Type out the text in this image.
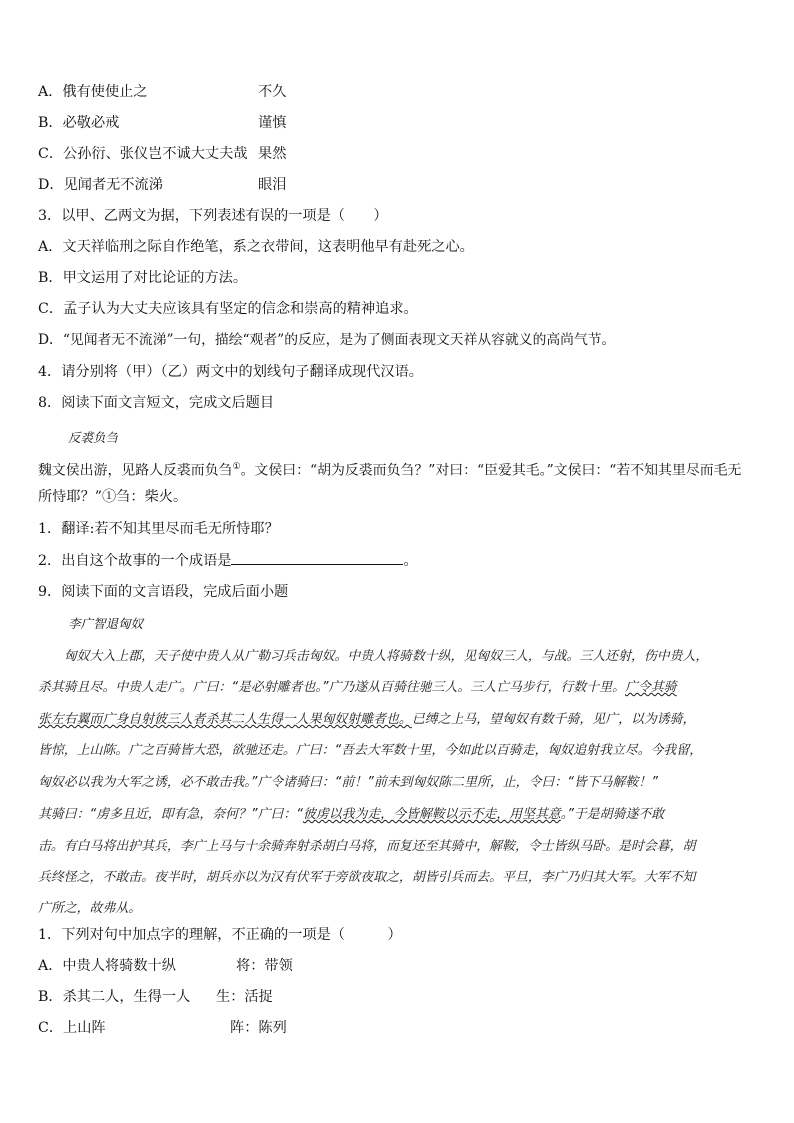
A．俄有使使止之	不久
B．必敬必戒	谨慎
C．公孙衍、张仪岂不诚大丈夫哉 果然
D．见闻者无不流涕	眼泪
3．以甲、乙两文为据，下列表述有误的一项是（　　）
A．文天祥临刑之际自作绝笔，系之衣带间，这表明他早有赴死之心。
B．甲文运用了对比论证的方法。
C．孟子认为大丈夫应该具有坚定的信念和崇高的精神追求。
D．“见闻者无不流涕”一句，描绘“观者”的反应，是为了侧面表现文天祥从容就义的高尚气节。
4．请分别将（甲）（乙）两文中的划线句子翻译成现代汉语。
8．阅读下面文言短文，完成文后题目
反裘负刍
魏文侯出游，见路人反裘而负刍①。文侯曰：“胡为反裘而负刍？”对曰：“臣爱其毛。”文侯曰：“若不知其里尽而毛无
所恃耶？”①刍：柴火。
1．翻译:若不知其里尽而毛无所恃耶？
2．出自这个故事的一个成语是	。
9．阅读下面的文言语段，完成后面小题
李广智退匈奴
　　匈奴大入上郡，天子使中贵人从广勒习兵击匈奴。中贵人将骑数十纵，见匈奴三人，与战。三人还射，伤中贵人，
杀其骑且尽。中贵人走广。广曰：“是必射雕者也。”广乃遂从百骑往驰三人。三人亡马步行，行数十里。广令其骑
张左右翼而广身自射彼三人者杀其二人生得一人果匈奴射雕者也。已缚之上马，望匈奴有数千骑，见广，以为诱骑，
皆惊，上山陈。广之百骑皆大恐，欲驰还走。广曰：“吾去大军数十里，今如此以百骑走，匈奴追射我立尽。今我留，
匈奴必以我为大军之诱，必不敢击我。”广令诸骑曰：“前！”前未到匈奴陈二里所，止，令曰：“皆下马解鞍！”
其骑曰：“虏多且近，即有急，奈何？”广曰：“彼虏以我为走，今皆解鞍以示不走，用坚其意。”于是胡骑遂不敢
击。有白马将出护其兵，李广上马与十余骑奔射杀胡白马将，而复还至其骑中，解鞍，令士皆纵马卧。是时会暮，胡
兵终怪之，不敢击。夜半时，胡兵亦以为汉有伏军于旁欲夜取之，胡皆引兵而去。平旦，李广乃归其大军。大军不知
广所之，故弗从。
1．下列对句中加点字的理解，不正确的一项是（　　　）
A．中贵人将骑数十纵	将：带领
B．杀其二人，生得一人 生：活捉
C．上山阵	阵：陈列
